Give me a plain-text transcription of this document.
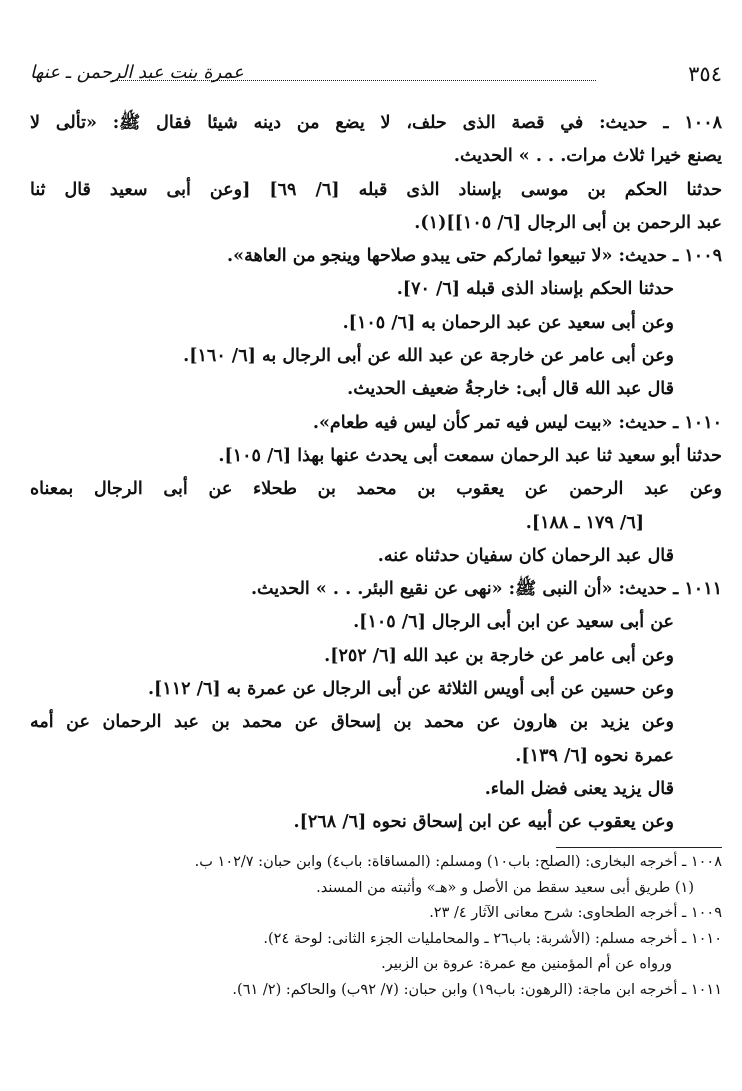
٣٥٤
عمرة بنت عبد الرحمن ـ عنها
١٠٠٨ ـ حديث: في قصة الذى حلف، لا يضع من دينه شيئا فقال ﷺ: «تألى لا
يصنع خيرا ثلاث مرات. . . » الحديث.
حدثنا الحكم بن موسى بإسناد الذى قبله [٦/ ٦٩] [وعن أبى سعيد قال ثنا
عبد الرحمن بن أبى الرجال [٦/ ١٠٥]](١).
١٠٠٩ ـ حديث: «لا تبيعوا ثماركم حتى يبدو صلاحها وينجو من العاهة».
حدثنا الحكم بإسناد الذى قبله [٦/ ٧٠].
وعن أبى سعيد عن عبد الرحمان به [٦/ ١٠٥].
وعن أبى عامر عن خارجة عن عبد الله عن أبى الرجال به [٦/ ١٦٠].
قال عبد الله قال أبى: خارجةُ ضعيف الحديث.
١٠١٠ ـ حديث: «بيت ليس فيه تمر كأن ليس فيه طعام».
حدثنا أبو سعيد ثنا عبد الرحمان سمعت أبى يحدث عنها بهذا [٦/ ١٠٥].
وعن عبد الرحمن عن يعقوب بن محمد بن طحلاء عن أبى الرجال بمعناه
[٦/ ١٧٩ ـ ١٨٨].
قال عبد الرحمان كان سفيان حدثناه عنه.
١٠١١ ـ حديث: «أن النبى ﷺ: «نهى عن نقيع البئر. . . » الحديث.
عن أبى سعيد عن ابن أبى الرجال [٦/ ١٠٥].
وعن أبى عامر عن خارجة بن عبد الله [٦/ ٢٥٢].
وعن حسين عن أبى أويس الثلاثة عن أبى الرجال عن عمرة به [٦/ ١١٢].
وعن يزيد بن هارون عن محمد بن إسحاق عن محمد بن عبد الرحمان عن أمه
عمرة نحوه [٦/ ١٣٩].
قال يزيد يعنى فضل الماء.
وعن يعقوب عن أبيه عن ابن إسحاق نحوه [٦/ ٢٦٨].
١٠٠٨ ـ أخرجه البخارى: (الصلح: باب١٠) ومسلم: (المساقاة: باب٤) وابن حبان: ١٠٢/٧ ب.
(١) طريق أبى سعيد سقط من الأصل و «هـ» وأثبته من المسند.
١٠٠٩ ـ أخرجه الطحاوى: شرح معانى الآثار ٤/ ٢٣.
١٠١٠ ـ أخرجه مسلم: (الأشربة: باب٢٦ ـ والمحامليات الجزء الثانى: لوحة ٢٤).
ورواه عن أم المؤمنين مع عمرة: عروة بن الزبير.
١٠١١ ـ أخرجه ابن ماجة: (الرهون: باب١٩) وابن حبان: (٧/ ٩٢ب) والحاكم: (٢/ ٦١).
